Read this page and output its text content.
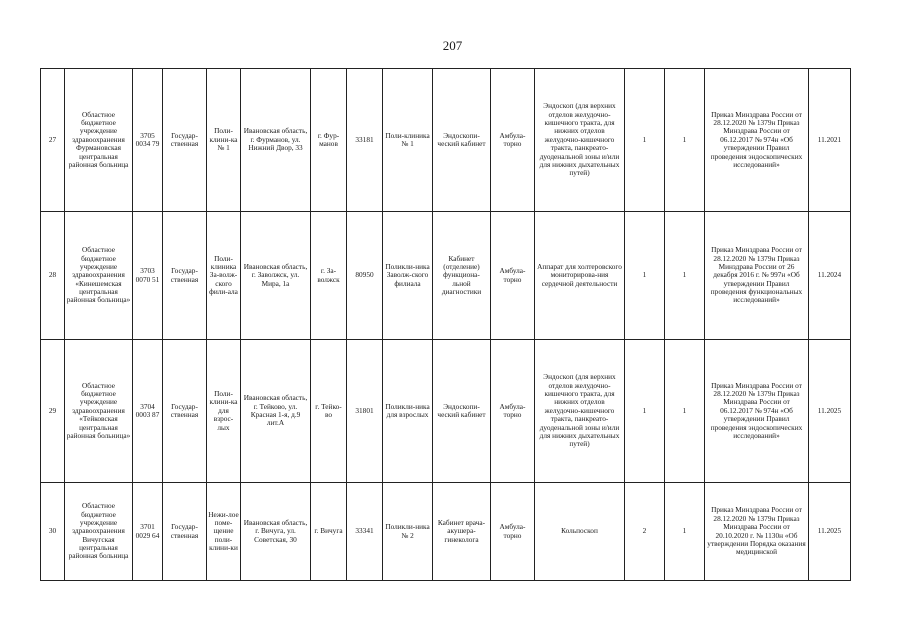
207
27	Областное бюджетное учреждение здравоохранения Фурмановская центральная районная больница	3705 0034 79	Государ-ственная	Поли-клини-ка № 1	Ивановская область, г. Фурманов, ул. Нижний Двор, 33	г. Фур-манов	33181	Поли-клиника № 1	Эндоскопи-ческий кабинет	Амбула-торно	Эндоскоп (для верхних отделов желудочно-кишечного тракта, для нижних отделов желудочно-кишечного тракта, панкреато-дуоденальной зоны и/или для нижних дыхательных путей)	1	1	Приказ Минздрава России от 28.12.2020 № 1379н Приказ Минздрава России от 06.12.2017 № 974н «Об утверждении Правил проведения эндоскопических исследований»	11.2021
28	Областное бюджетное учреждение здравоохранения «Кинешемская центральная районная больница»	3703 0070 51	Государ-ственная	Поли-клиника За-волж-ского фили-ала	Ивановская область, г. Заволжск, ул. Мира, 1а	г. За-волжск	80950	Поликли-ника Заволж-ского филиала	Кабинет (отделение) функциона-льной диагностики	Амбула-торно	Аппарат для холтеровского мониторирова-ния сердечной деятельности	1	1	Приказ Минздрава России от 28.12.2020 № 1379н Приказ Минздрава России от 26 декабря 2016 г. № 997н «Об утверждении Правил проведения функциональных исследований»	11.2024
29	Областное бюджетное учреждение здравоохранения «Тейковская центральная районная больница»	3704 0003 87	Государ-ственная	Поли-клини-ка для взрос-лых	Ивановская область, г. Тейково, ул. Красная 1-я, д.9 лит.А	г. Тейко-во	31801	Поликли-ника для взрослых	Эндоскопи-ческий кабинет	Амбула-торно	Эндоскоп (для верхних отделов желудочно-кишечного тракта, для нижних отделов желудочно-кишечного тракта, панкреато-дуоденальной зоны и/или для нижних дыхательных путей)	1	1	Приказ Минздрава России от 28.12.2020 № 1379н Приказ Минздрава России от 06.12.2017 № 974н «Об утверждении Правил проведения эндоскопических исследований»	11.2025
30	Областное бюджетное учреждение здравоохранения Вичугская центральная районная больница	3701 0029 64	Государ-ственная	Нежи-лое поме-щение поли-клини-ки	Ивановская область, г. Вичуга, ул. Советская, 30	г. Вичуга	33341	Поликли-ника № 2	Кабинет врача-акушера-гинеколога	Амбула-торно	Кольпоскоп	2	1	Приказ Минздрава России от 28.12.2020 № 1379н Приказ Минздрава России от 20.10.2020 г. № 1130н «Об утверждении Порядка оказания медицинской	11.2025
